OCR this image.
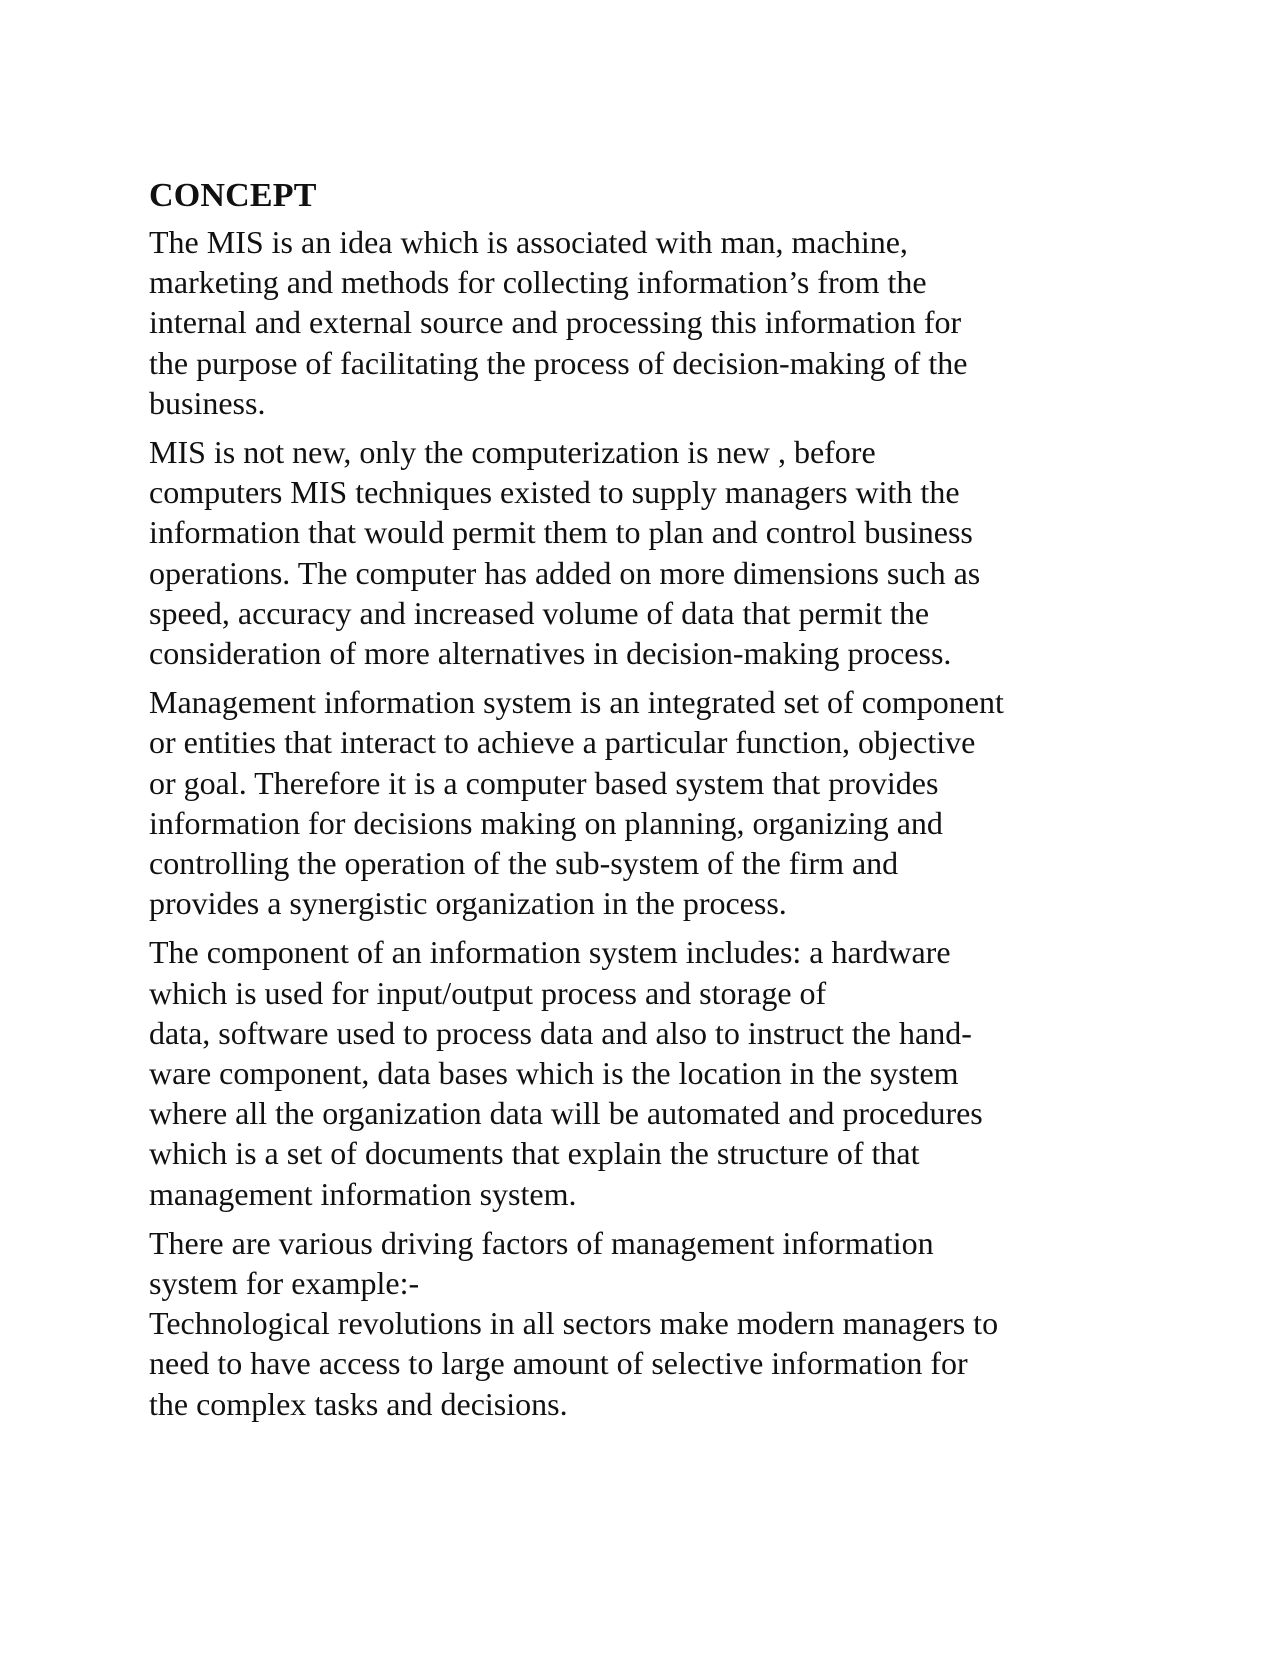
CONCEPT
The MIS is an idea which is associated with man, machine,
marketing and methods for collecting information’s from the
internal and external source and processing this information for
the purpose of facilitating the process of decision-making of the
business.
MIS is not new, only the computerization is new , before
computers MIS techniques existed to supply managers with the
information that would permit them to plan and control business
operations. The computer has added on more dimensions such as
speed, accuracy and increased volume of data that permit the
consideration of more alternatives in decision-making process.
Management information system is an integrated set of component
or entities that interact to achieve a particular function, objective
or goal. Therefore it is a computer based system that provides
information for decisions making on planning, organizing and
controlling the operation of the sub-system of the firm and
provides a synergistic organization in the process.
The component of an information system includes: a hardware
which is used for input/output process and storage of
data, software used to process data and also to instruct the hand-
ware component, data bases which is the location in the system
where all the organization data will be automated and procedures
which is a set of documents that explain the structure of that
management information system.
There are various driving factors of management information
system for example:-
Technological revolutions in all sectors make modern managers to
need to have access to large amount of selective information for
the complex tasks and decisions.
